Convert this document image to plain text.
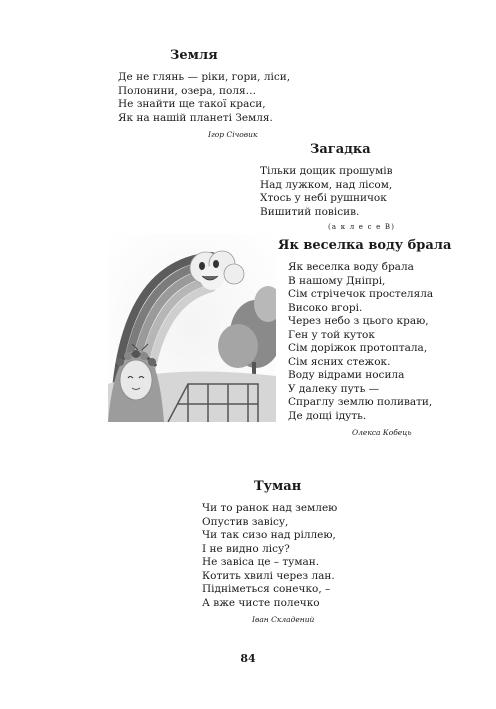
Земля
Де не глянь — ріки, гори, ліси,
Полонини, озера, поля…
Не знайти ще такої краси,
Як на нашій планеті Земля.
Ігор Січовик
Загадка
Тільки дощик прошумів
Над лужком, над лісом,
Хтось у небі рушничок
Вишитий повісив.
(а к л е с е В)
Як веселка воду брала
Як веселка воду брала
В нашому Дніпрі,
Сім стрічечок простеляла
Високо вгорі.
Через небо з цього краю,
Ген у той куток
Сім доріжок протоптала,
Сім ясних стежок.
Воду відрами носила
У далеку путь —
Спраглу землю поливати,
Де дощі ідуть.
Олекса Кобець
Туман
Чи то ранок над землею
Опустив завісу,
Чи так сизо над ріллею,
І не видно лісу?
Не завіса це – туман.
Котить хвилі через лан.
Підніметься сонечко, –
А вже чисте полечко
Іван Складений
84
